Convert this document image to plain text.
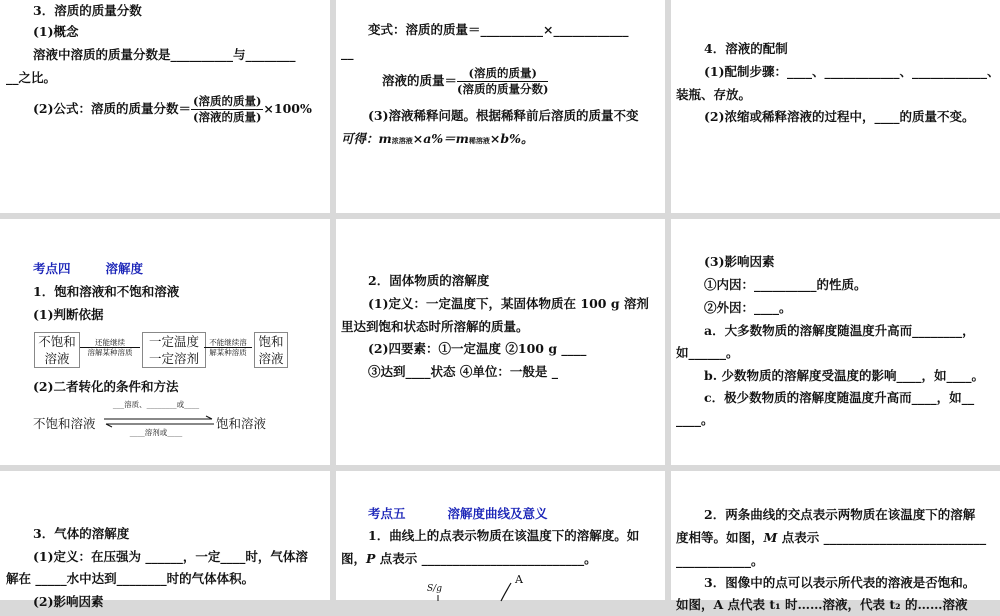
3．溶质的质量分数
(1)概念
溶液中溶质的质量分数是__________与________
__之比。
(2)公式：溶质的质量分数＝ $\frac{\text{(溶质的质量)}}{\text{(溶液的质量)}} \times 100\%$
变式：溶质的质量＝__________×____________
__
溶液的质量＝ $\frac{\text{(溶质的质量)}}{\text{(溶质的质量分数)}}$
(3)溶液稀释问题。根据稀释前后溶质的质量不变
可得：m浓溶液×a%＝m稀溶液×b%。
4．溶液的配制
(1)配制步骤：____、____________、____________、
装瓶、存放。
(2)浓缩或稀释溶液的过程中，____的质量不变。
考点四	溶解度
1．饱和溶液和不饱和溶液
(1)判断依据
不饱和溶液
还能继续
溶解某种溶质
一定温度
一定溶剂
不能继续溶
解某种溶质
饱和溶液
(2)二者转化的条件和方法
___溶质、________或____
不饱和溶液	饱和溶液
____溶剂或____
2．固体物质的溶解度
(1)定义：一定温度下，某固体物质在 100 g 溶剂
里达到饱和状态时所溶解的质量。
(2)四要素：①一定温度 ②100 g ____
③达到____状态 ④单位：一般是 _
(3)影响因素
①内因：__________的性质。
②外因：____。
a．大多数物质的溶解度随温度升高而________，
如______。
b. 少数物质的溶解度受温度的影响____，如____。
c．极少数物质的溶解度随温度升高而____，如__
____。
3．气体的溶解度
(1)定义：在压强为 ______，一定____时，气体溶
解在 _____水中达到________时的气体体积。
(2)影响因素
考点五	溶解度曲线及意义
1．曲线上的点表示物质在该温度下的溶解度。如
图，P 点表示 __________________________。
S/g
A
2．两条曲线的交点表示两物质在该温度下的溶解
度相等。如图，M 点表示 __________________________
____________。
3．图像中的点可以表示所代表的溶液是否饱和。
如图，A 点代表 t₁ 时……溶液，代表 t₂ 的……溶液
